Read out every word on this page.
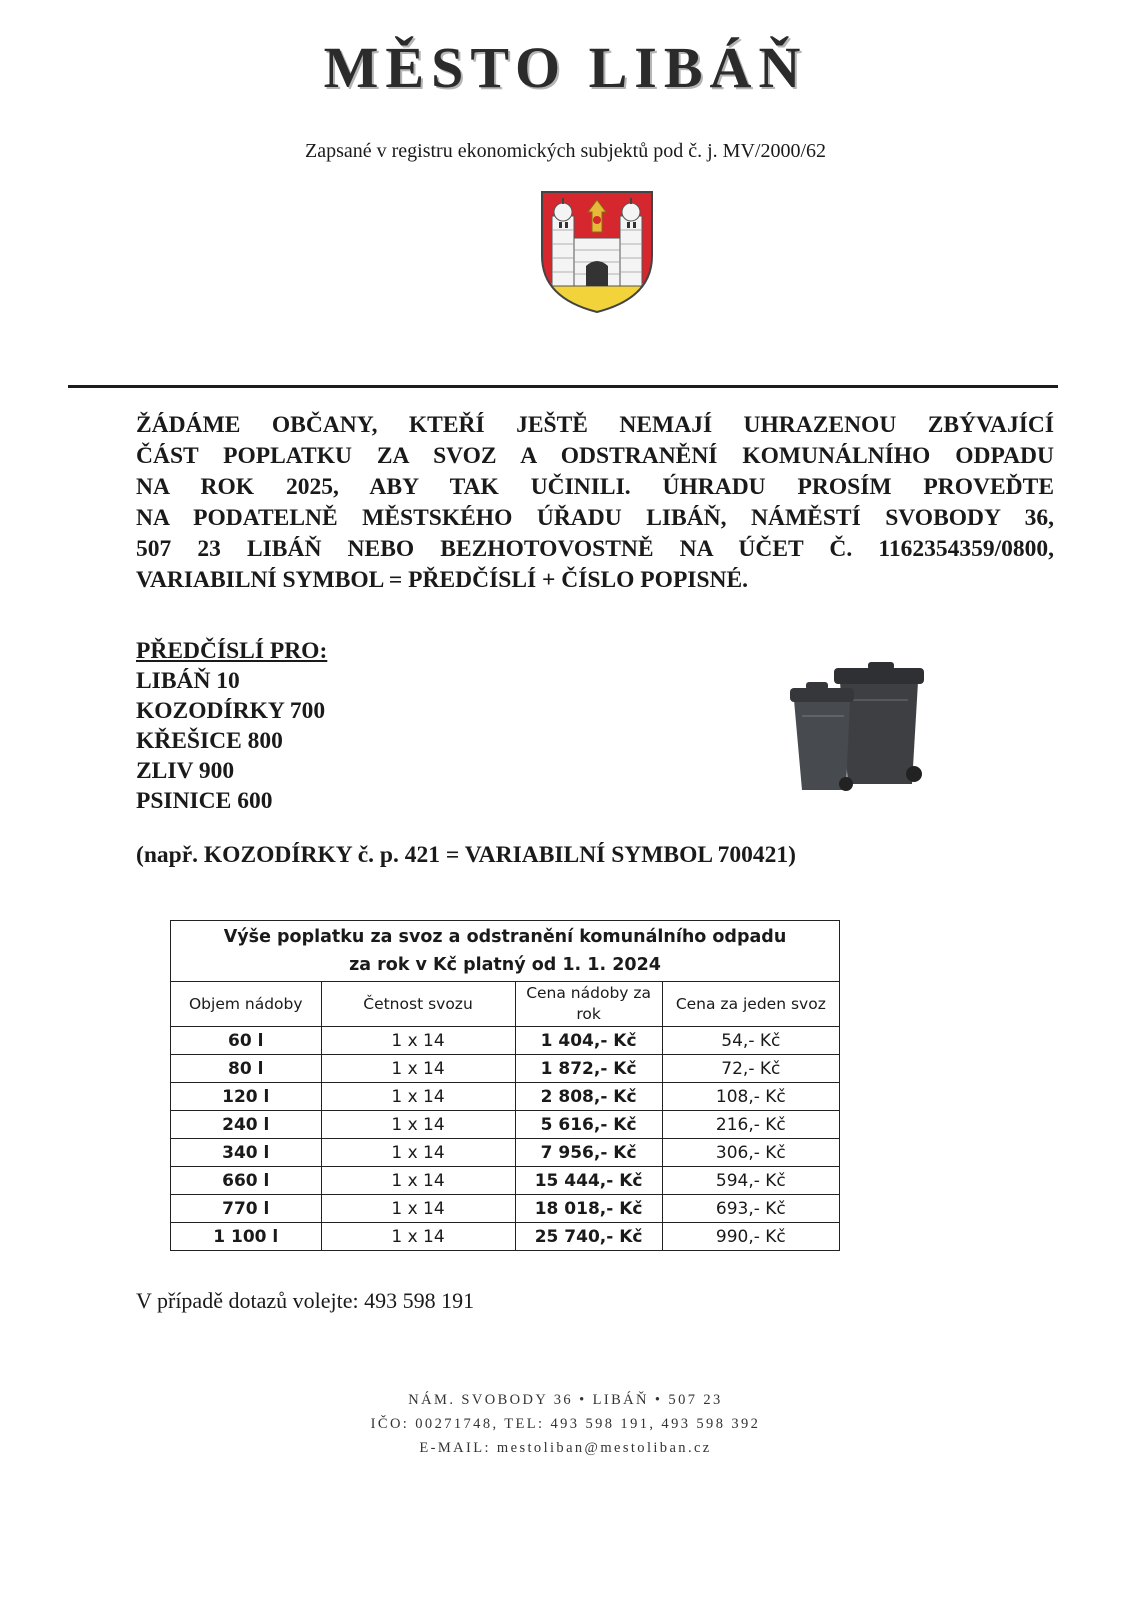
MĚSTO LIBÁŇ
Zapsané v registru ekonomických subjektů pod č. j. MV/2000/62
ŽÁDÁME OBČANY, KTEŘÍ JEŠTĚ NEMAJÍ UHRAZENOU ZBÝVAJÍCÍ
ČÁST POPLATKU ZA SVOZ A ODSTRANĚNÍ KOMUNÁLNÍHO ODPADU
NA ROK 2025, ABY TAK UČINILI. ÚHRADU PROSÍM PROVEĎTE
NA PODATELNĚ MĚSTSKÉHO ÚŘADU LIBÁŇ, NÁMĚSTÍ SVOBODY 36,
507 23 LIBÁŇ NEBO BEZHOTOVOSTNĚ NA ÚČET Č. 1162354359/0800,
VARIABILNÍ SYMBOL = PŘEDČÍSLÍ + ČÍSLO POPISNÉ.
PŘEDČÍSLÍ PRO:
LIBÁŇ 10
KOZODÍRKY 700
KŘEŠICE 800
ZLIV 900
PSINICE 600
(např. KOZODÍRKY č. p. 421 = VARIABILNÍ SYMBOL 700421)
Výše poplatku za svoz a odstranění komunálního odpadu
za rok v Kč platný od 1. 1. 2024			
Objem nádoby	Četnost svozu	Cena nádoby za rok	Cena za jeden svoz
60 l	1 x 14	1 404,- Kč	54,- Kč
80 l	1 x 14	1 872,- Kč	72,- Kč
120 l	1 x 14	2 808,- Kč	108,- Kč
240 l	1 x 14	5 616,- Kč	216,- Kč
340 l	1 x 14	7 956,- Kč	306,- Kč
660 l	1 x 14	15 444,- Kč	594,- Kč
770 l	1 x 14	18 018,- Kč	693,- Kč
1 100 l	1 x 14	25 740,- Kč	990,- Kč
V případě dotazů volejte: 493 598 191
NÁM. SVOBODY 36 • LIBÁŇ • 507 23
IČO: 00271748, TEL: 493 598 191, 493 598 392
E-MAIL: mestoliban@mestoliban.cz
